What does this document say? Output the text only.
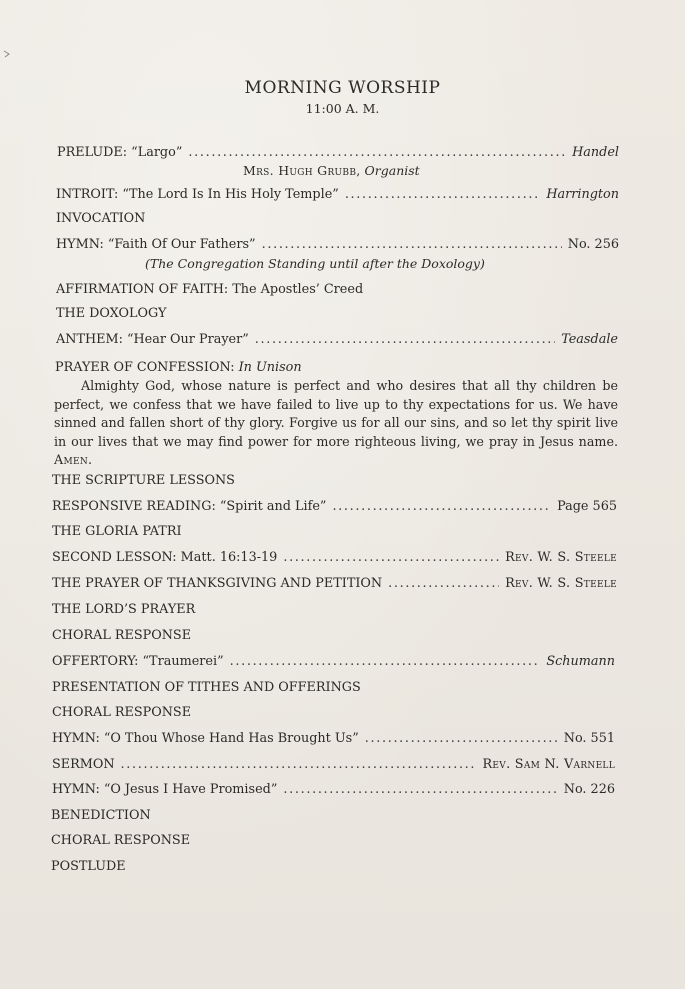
MORNING WORSHIP
11:00 A. M.
PRELUDE: “Largo” . . .	Handel
Mrs. Hugh Grubb, Organist
INTROIT: “The Lord Is In His Holy Temple” . . .	Harrington
INVOCATION
HYMN: “Faith Of Our Fathers” . . .	No. 256
(The Congregation Standing until after the Doxology)
AFFIRMATION OF FAITH: The Apostles’ Creed
THE DOXOLOGY
ANTHEM: “Hear Our Prayer” . . .	Teasdale
PRAYER OF CONFESSION: In Unison
Almighty God, whose nature is perfect and who desires that all thy children be perfect, we confess that we have failed to live up to thy expectations for us. We have sinned and fallen short of thy glory. Forgive us for all our sins, and so let thy spirit live in our lives that we may find power for more righteous living, we pray in Jesus name. Amen.
THE SCRIPTURE LESSONS
RESPONSIVE READING: “Spirit and Life” . . .	Page 565
THE GLORIA PATRI
SECOND LESSON: Matt. 16:13-19 . . .	Rev. W. S. Steele
THE PRAYER OF THANKSGIVING AND PETITION . . .	Rev. W. S. Steele
THE LORD’S PRAYER
CHORAL RESPONSE
OFFERTORY: “Traumerei” . . .	Schumann
PRESENTATION OF TITHES AND OFFERINGS
CHORAL RESPONSE
HYMN: “O Thou Whose Hand Has Brought Us” . . .	No. 551
SERMON . . .	Rev. Sam N. Varnell
HYMN: “O Jesus I Have Promised” . . .	No. 226
BENEDICTION
CHORAL RESPONSE
POSTLUDE
